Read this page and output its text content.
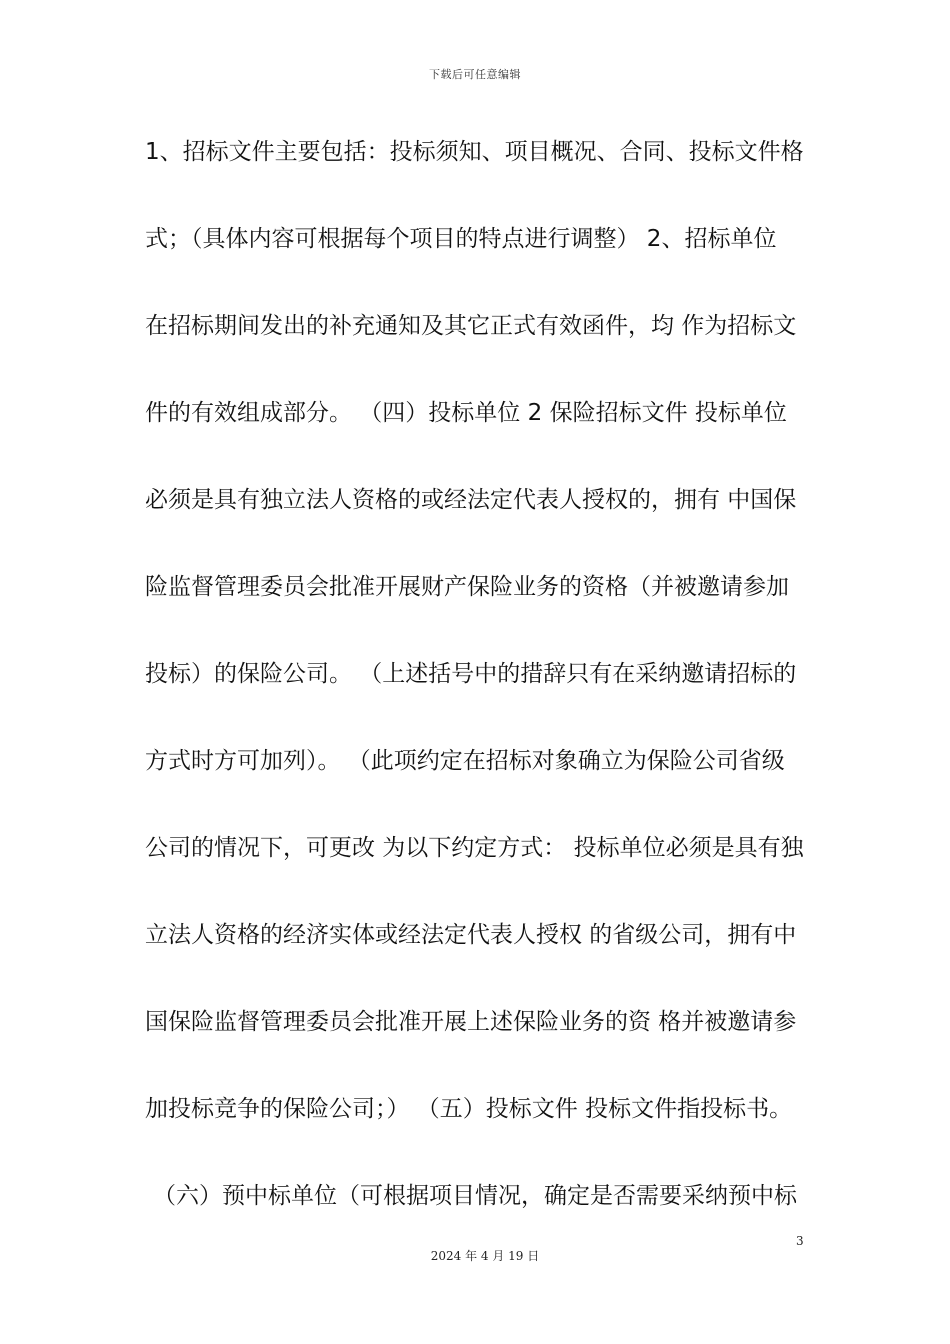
下载后可任意编辑
1、招标文件主要包括：投标须知、项目概况、合同、投标文件格
式；（具体内容可根据每个项目的特点进行调整） 2、招标单位
在招标期间发出的补充通知及其它正式有效函件，均 作为招标文
件的有效组成部分。 （四）投标单位 2 保险招标文件 投标单位
必须是具有独立法人资格的或经法定代表人授权的，拥有 中国保
险监督管理委员会批准开展财产保险业务的资格（并被邀请参加
投标）的保险公司。 （上述括号中的措辞只有在采纳邀请招标的
方式时方可加列）。 （此项约定在招标对象确立为保险公司省级
公司的情况下，可更改 为以下约定方式： 投标单位必须是具有独
立法人资格的经济实体或经法定代表人授权 的省级公司，拥有中
国保险监督管理委员会批准开展上述保险业务的资 格并被邀请参
加投标竞争的保险公司；） （五）投标文件 投标文件指投标书。
（六）预中标单位（可根据项目情况，确定是否需要采纳预中标
3
2024 年 4 月 19 日
